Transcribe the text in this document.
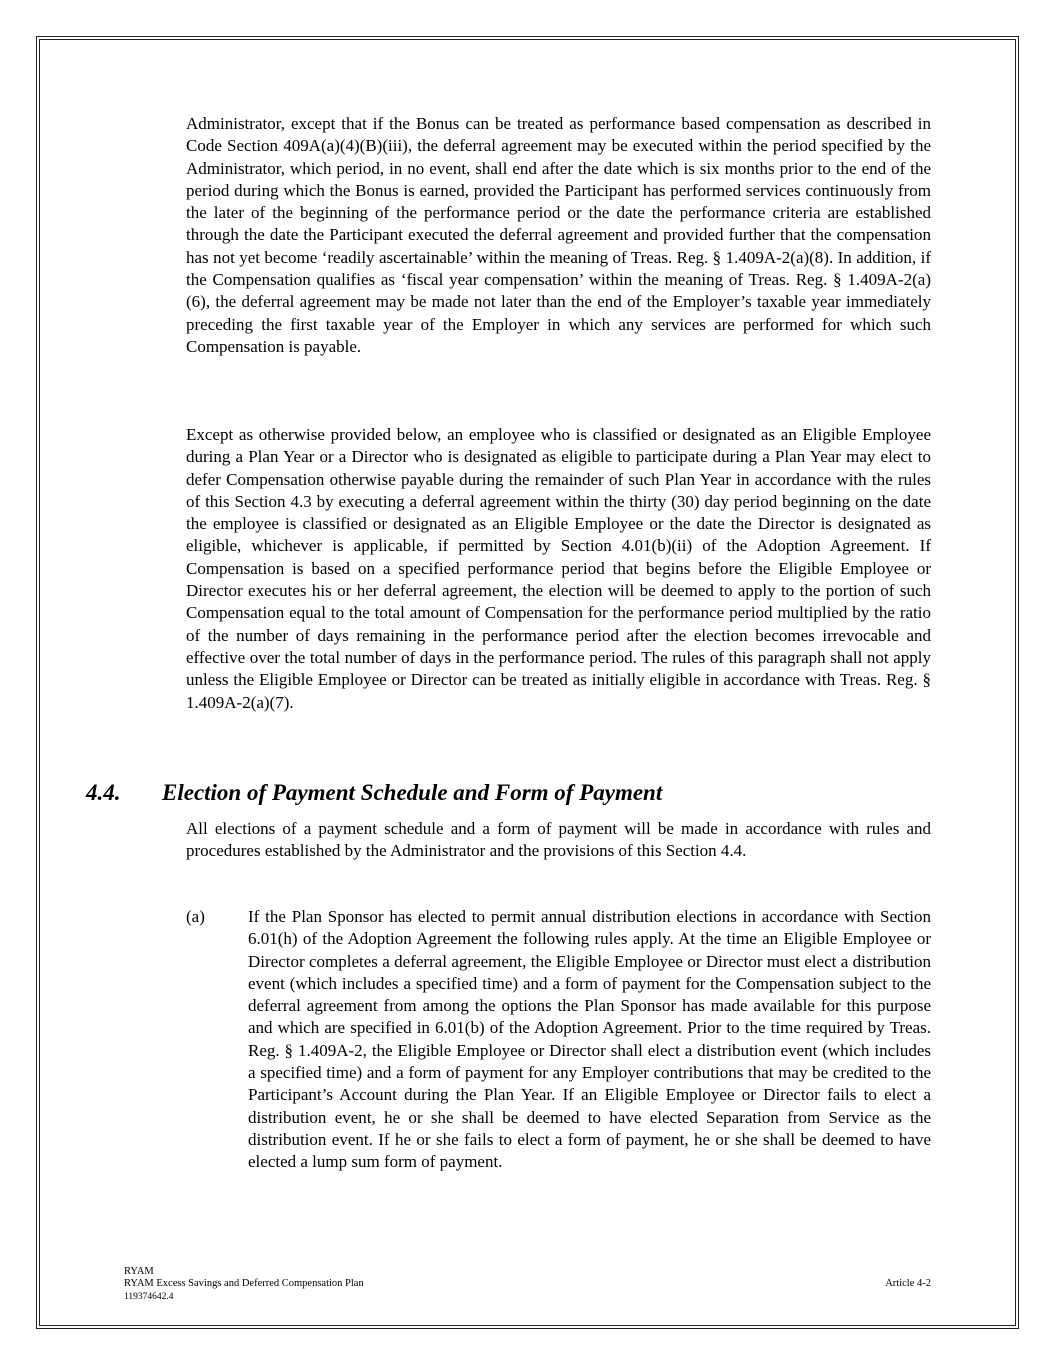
Administrator, except that if the Bonus can be treated as performance based compensation as described in Code Section 409A(a)(4)(B)(iii), the deferral agreement may be executed within the period specified by the Administrator, which period, in no event, shall end after the date which is six months prior to the end of the period during which the Bonus is earned, provided the Participant has performed services continuously from the later of the beginning of the performance period or the date the performance criteria are established through the date the Participant executed the deferral agreement and provided further that the compensation has not yet become ‘readily ascertainable’ within the meaning of Treas. Reg. § 1.409A-2(a)(8). In addition, if the Compensation qualifies as ‘fiscal year compensation’ within the meaning of Treas. Reg. § 1.409A-2(a)(6), the deferral agreement may be made not later than the end of the Employer’s taxable year immediately preceding the first taxable year of the Employer in which any services are performed for which such Compensation is payable.

Except as otherwise provided below, an employee who is classified or designated as an Eligible Employee during a Plan Year or a Director who is designated as eligible to participate during a Plan Year may elect to defer Compensation otherwise payable during the remainder of such Plan Year in accordance with the rules of this Section 4.3 by executing a deferral agreement within the thirty (30) day period beginning on the date the employee is classified or designated as an Eligible Employee or the date the Director is designated as eligible, whichever is applicable, if permitted by Section 4.01(b)(ii) of the Adoption Agreement. If Compensation is based on a specified performance period that begins before the Eligible Employee or Director executes his or her deferral agreement, the election will be deemed to apply to the portion of such Compensation equal to the total amount of Compensation for the performance period multiplied by the ratio of the number of days remaining in the performance period after the election becomes irrevocable and effective over the total number of days in the performance period. The rules of this paragraph shall not apply unless the Eligible Employee or Director can be treated as initially eligible in accordance with Treas. Reg. § 1.409A-2(a)(7).

4.4. Election of Payment Schedule and Form of Payment

All elections of a payment schedule and a form of payment will be made in accordance with rules and procedures established by the Administrator and the provisions of this Section 4.4.

(a)	If the Plan Sponsor has elected to permit annual distribution elections in accordance with Section 6.01(h) of the Adoption Agreement the following rules apply. At the time an Eligible Employee or Director completes a deferral agreement, the Eligible Employee or Director must elect a distribution event (which includes a specified time) and a form of payment for the Compensation subject to the deferral agreement from among the options the Plan Sponsor has made available for this purpose and which are specified in 6.01(b) of the Adoption Agreement. Prior to the time required by Treas. Reg. § 1.409A-2, the Eligible Employee or Director shall elect a distribution event (which includes a specified time) and a form of payment for any Employer contributions that may be credited to the Participant’s Account during the Plan Year. If an Eligible Employee or Director fails to elect a distribution event, he or she shall be deemed to have elected Separation from Service as the distribution event. If he or she fails to elect a form of payment, he or she shall be deemed to have elected a lump sum form of payment.

RYAM
RYAM Excess Savings and Deferred Compensation Plan
119374642.4
Article 4-2
